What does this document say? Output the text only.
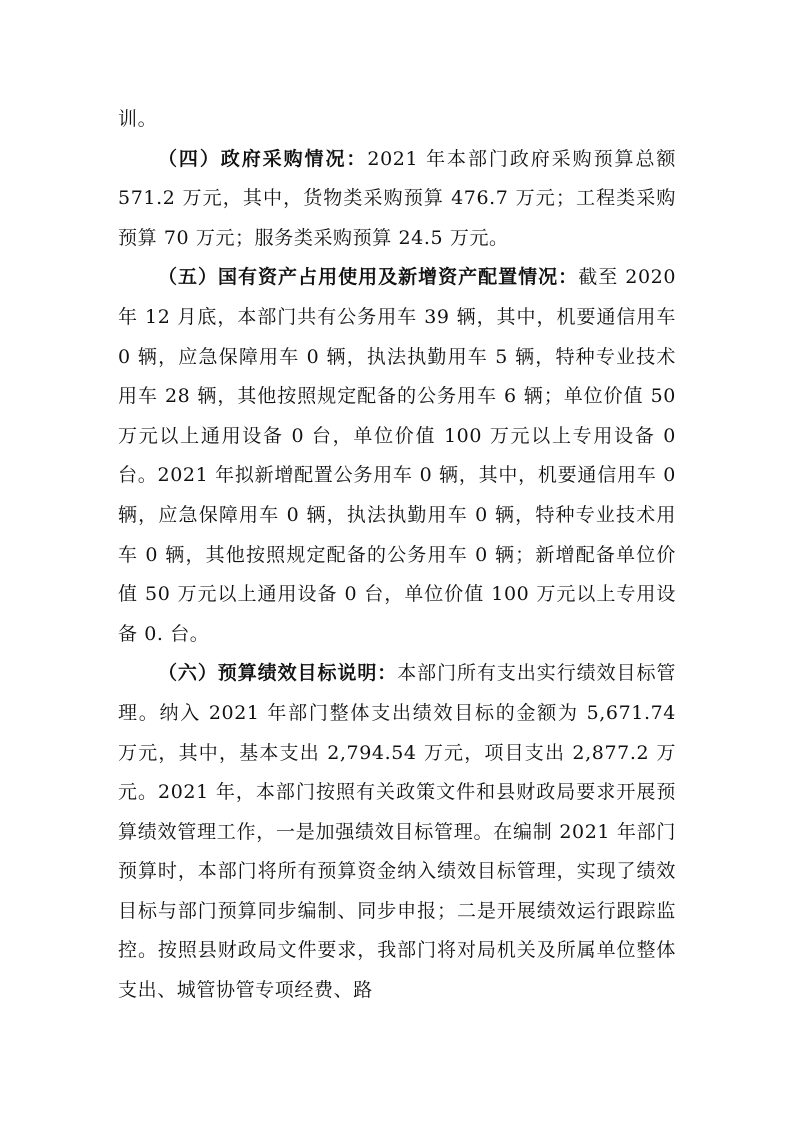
训。

（四）政府采购情况：2021 年本部门政府采购预算总额 571.2 万元，其中，货物类采购预算 476.7 万元；工程类采购预算 70 万元；服务类采购预算 24.5 万元。

（五）国有资产占用使用及新增资产配置情况：截至 2020 年 12 月底，本部门共有公务用车 39 辆，其中，机要通信用车 0 辆，应急保障用车 0 辆，执法执勤用车 5 辆，特种专业技术用车 28 辆，其他按照规定配备的公务用车 6 辆；单位价值 50 万元以上通用设备 0 台，单位价值 100 万元以上专用设备 0 台。2021 年拟新增配置公务用车 0 辆，其中，机要通信用车 0 辆，应急保障用车 0 辆，执法执勤用车 0 辆，特种专业技术用车 0 辆，其他按照规定配备的公务用车 0 辆；新增配备单位价值 50 万元以上通用设备 0 台，单位价值 100 万元以上专用设备 0. 台。

（六）预算绩效目标说明：本部门所有支出实行绩效目标管理。纳入 2021 年部门整体支出绩效目标的金额为 5,671.74 万元，其中，基本支出 2,794.54 万元，项目支出 2,877.2 万元。2021 年，本部门按照有关政策文件和县财政局要求开展预算绩效管理工作，一是加强绩效目标管理。在编制 2021 年部门预算时，本部门将所有预算资金纳入绩效目标管理，实现了绩效目标与部门预算同步编制、同步申报；二是开展绩效运行跟踪监控。按照县财政局文件要求，我部门将对局机关及所属单位整体支出、城管协管专项经费、路
